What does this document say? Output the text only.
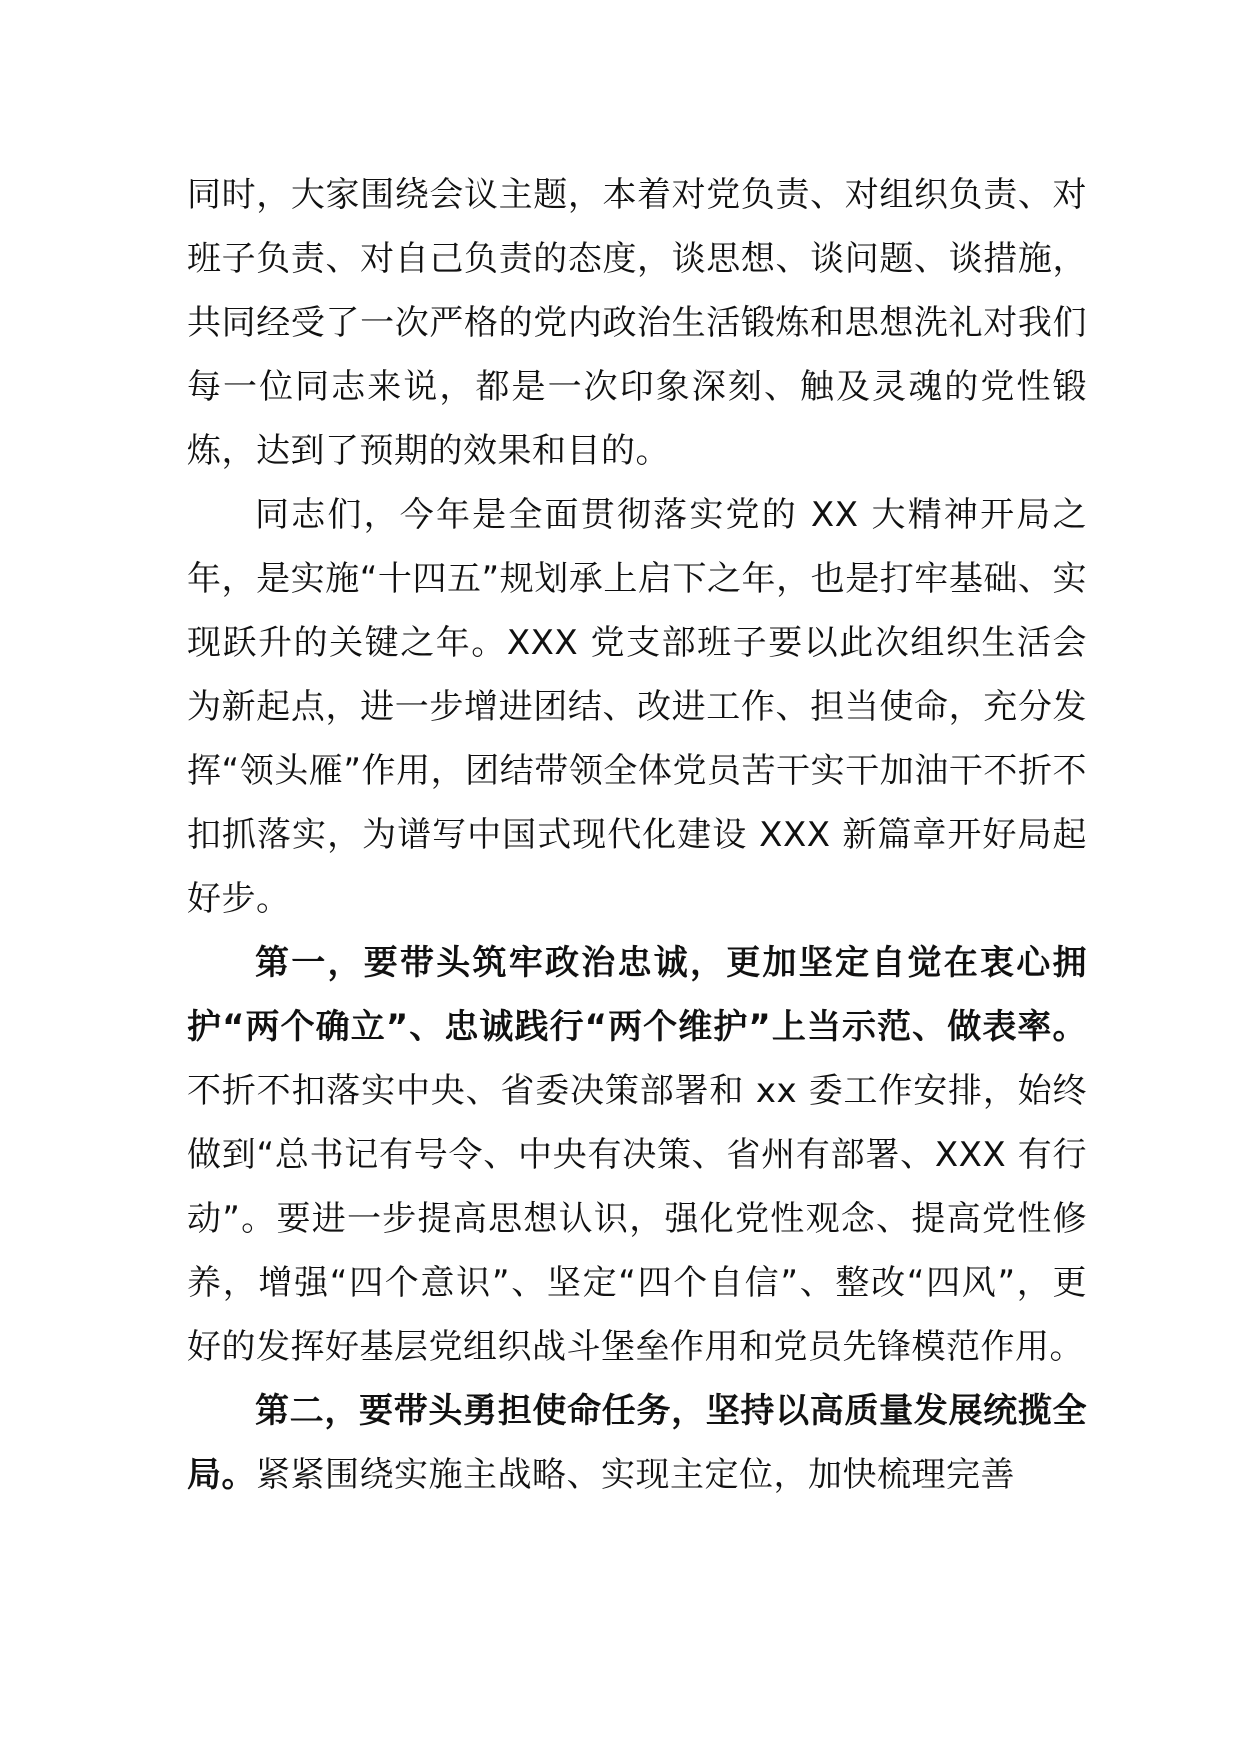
同时，大家围绕会议主题，本着对党负责、对组织负责、对班子负责、对自己负责的态度，谈思想、谈问题、谈措施，共同经受了一次严格的党内政治生活锻炼和思想洗礼对我们每一位同志来说，都是一次印象深刻、触及灵魂的党性锻炼，达到了预期的效果和目的。

同志们，今年是全面贯彻落实党的 XX 大精神开局之年，是实施“十四五”规划承上启下之年，也是打牢基础、实现跃升的关键之年。XXX 党支部班子要以此次组织生活会为新起点，进一步增进团结、改进工作、担当使命，充分发挥“领头雁”作用，团结带领全体党员苦干实干加油干不折不扣抓落实，为谱写中国式现代化建设 XXX 新篇章开好局起好步。

第一，要带头筑牢政治忠诚，更加坚定自觉在衷心拥护“两个确立”、忠诚践行“两个维护”上当示范、做表率。不折不扣落实中央、省委决策部署和 xx 委工作安排，始终做到“总书记有号令、中央有决策、省州有部署、XXX 有行动”。要进一步提高思想认识，强化党性观念、提高党性修养，增强“四个意识”、坚定“四个自信”、整改“四风”，更好的发挥好基层党组织战斗堡垒作用和党员先锋模范作用。

第二，要带头勇担使命任务，坚持以高质量发展统揽全局。紧紧围绕实施主战略、实现主定位，加快梳理完善
